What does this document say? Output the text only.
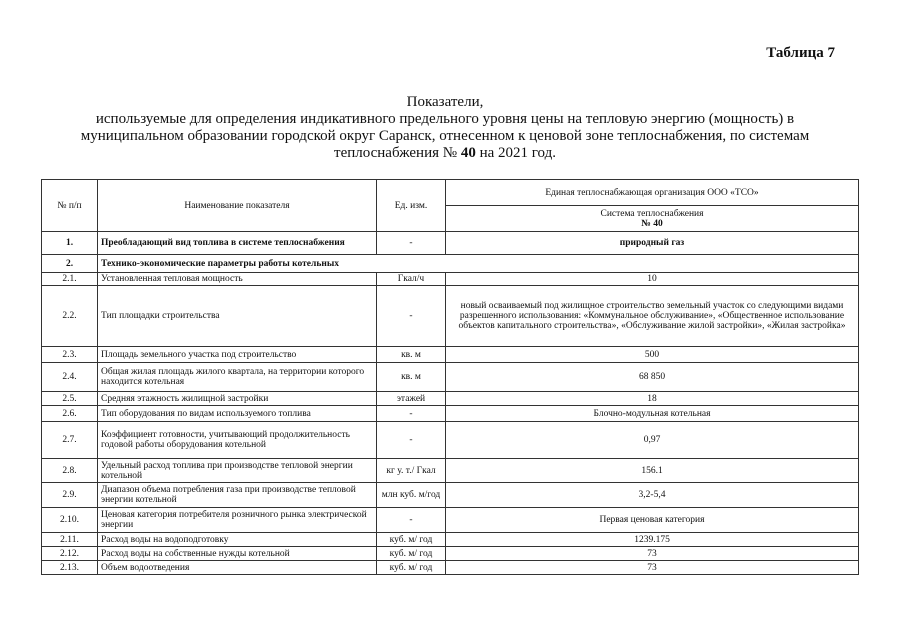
Таблица 7
Показатели,
используемые для определения индикативного предельного уровня цены на тепловую энергию (мощность) в
муниципальном образовании городской округ Саранск, отнесенном к ценовой зоне теплоснабжения, по системам
теплоснабжения № 40 на 2021 год.
№ п/п	Наименование показателя	Ед. изм.	Единая теплоснабжающая организация ООО «ТСО»

			Система теплоснабжения
№ 40

1.	Преобладающий вид топлива в системе теплоснабжения	-	природный газ
2.	Технико-экономические параметры работы котельных		
2.1.	Установленная тепловая мощность	Гкал/ч	10
2.2.	Тип площадки строительства	-	новый осваиваемый под жилищное строительство земельный участок со следующими видами разрешенного использования: «Коммунальное обслуживание», «Общественное использование объектов капитального строительства», «Обслуживание жилой застройки», «Жилая застройка»
2.3.	Площадь земельного участка под строительство	кв. м	500
2.4.	Общая жилая площадь жилого квартала, на территории которого находится котельная	кв. м	68 850
2.5.	Средняя этажность жилищной застройки	этажей	18
2.6.	Тип оборудования по видам используемого топлива	-	Блочно-модульная котельная
2.7.	Коэффициент готовности, учитывающий продолжительность годовой работы оборудования котельной	-	0,97
2.8.	Удельный расход топлива при производстве тепловой энергии котельной	кг у. т./ Гкал	156.1
2.9.	Диапазон объема потребления газа при производстве тепловой энергии котельной	млн куб. м/год	3,2-5,4
2.10.	Ценовая категория потребителя розничного рынка электрической энергии	-	Первая ценовая категория
2.11.	Расход воды на водоподготовку	куб. м/ год	1239.175
2.12.	Расход воды на собственные нужды котельной	куб. м/ год	73
2.13.	Объем водоотведения	куб. м/ год	73
